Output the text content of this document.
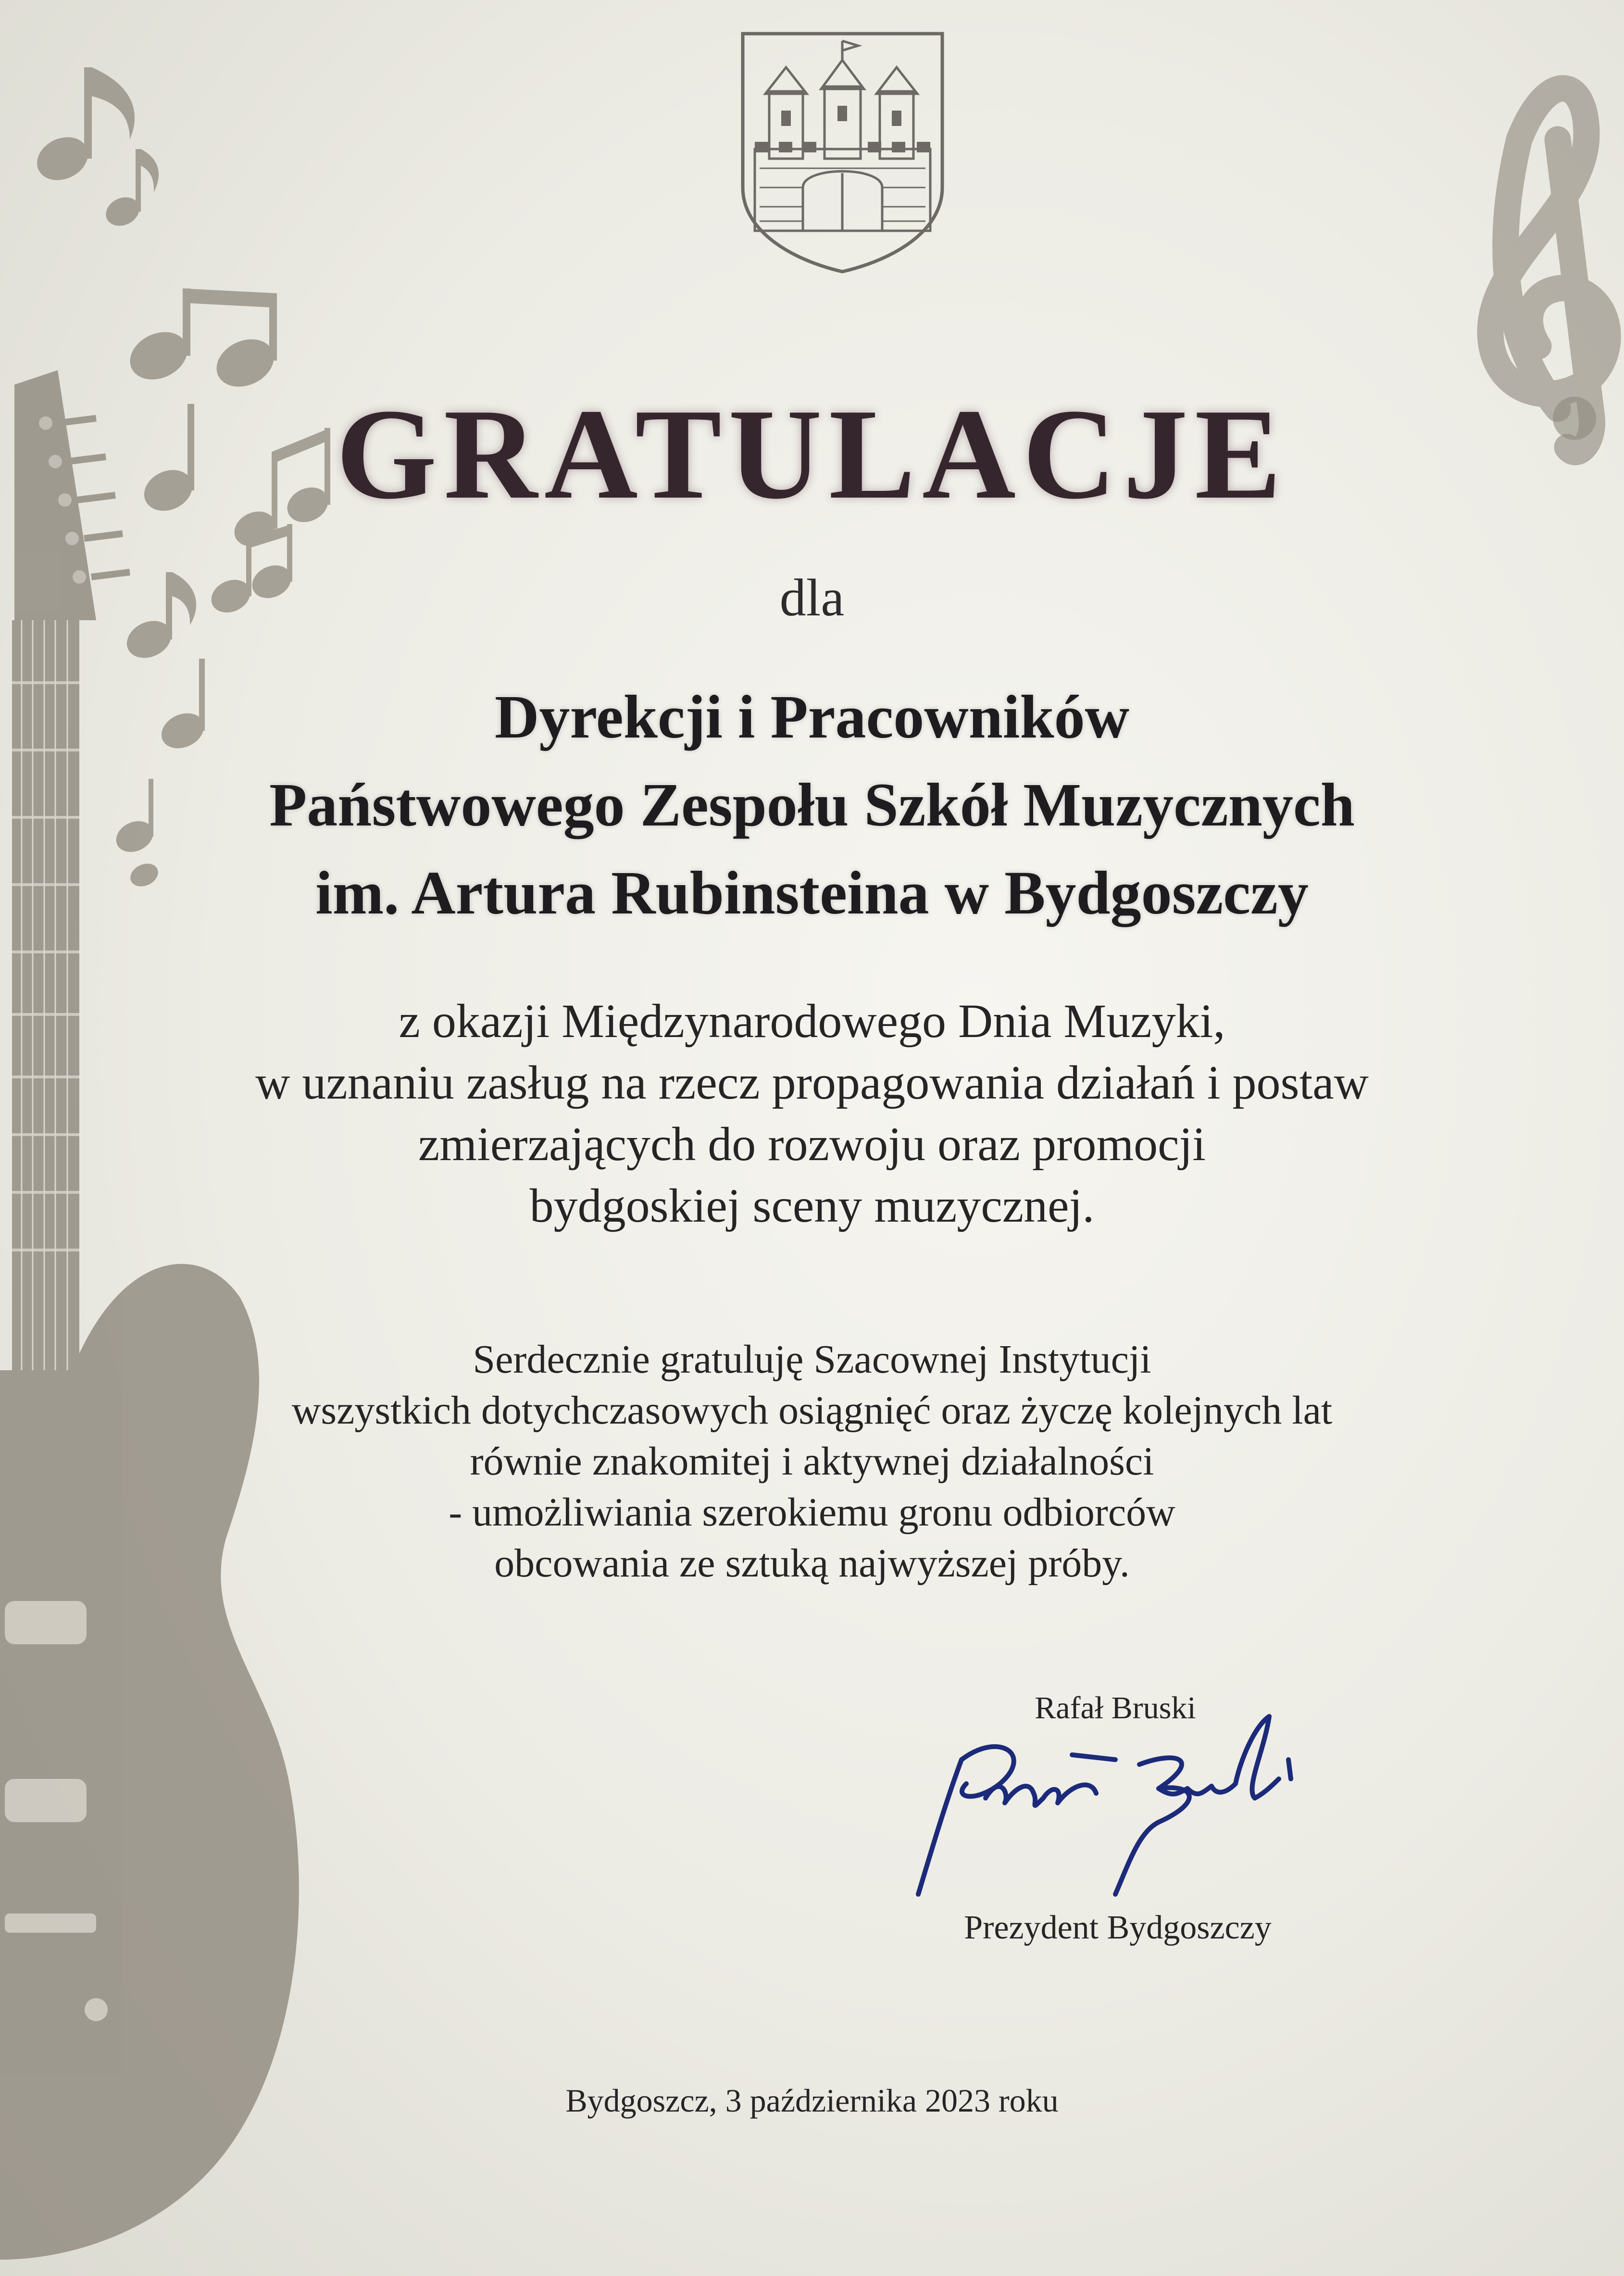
GRATULACJE
dla
Dyrekcji i Pracowników
Państwowego Zespołu Szkół Muzycznych
im. Artura Rubinsteina w Bydgoszczy
z okazji Międzynarodowego Dnia Muzyki,
w uznaniu zasług na rzecz propagowania działań i postaw
zmierzających do rozwoju oraz promocji
bydgoskiej sceny muzycznej.
Serdecznie gratuluję Szacownej Instytucji
wszystkich dotychczasowych osiągnięć oraz życzę kolejnych lat
równie znakomitej i aktywnej działalności
- umożliwiania szerokiemu gronu odbiorców
obcowania ze sztuką najwyższej próby.
Rafał Bruski
Prezydent Bydgoszczy
Bydgoszcz, 3 października 2023 roku
